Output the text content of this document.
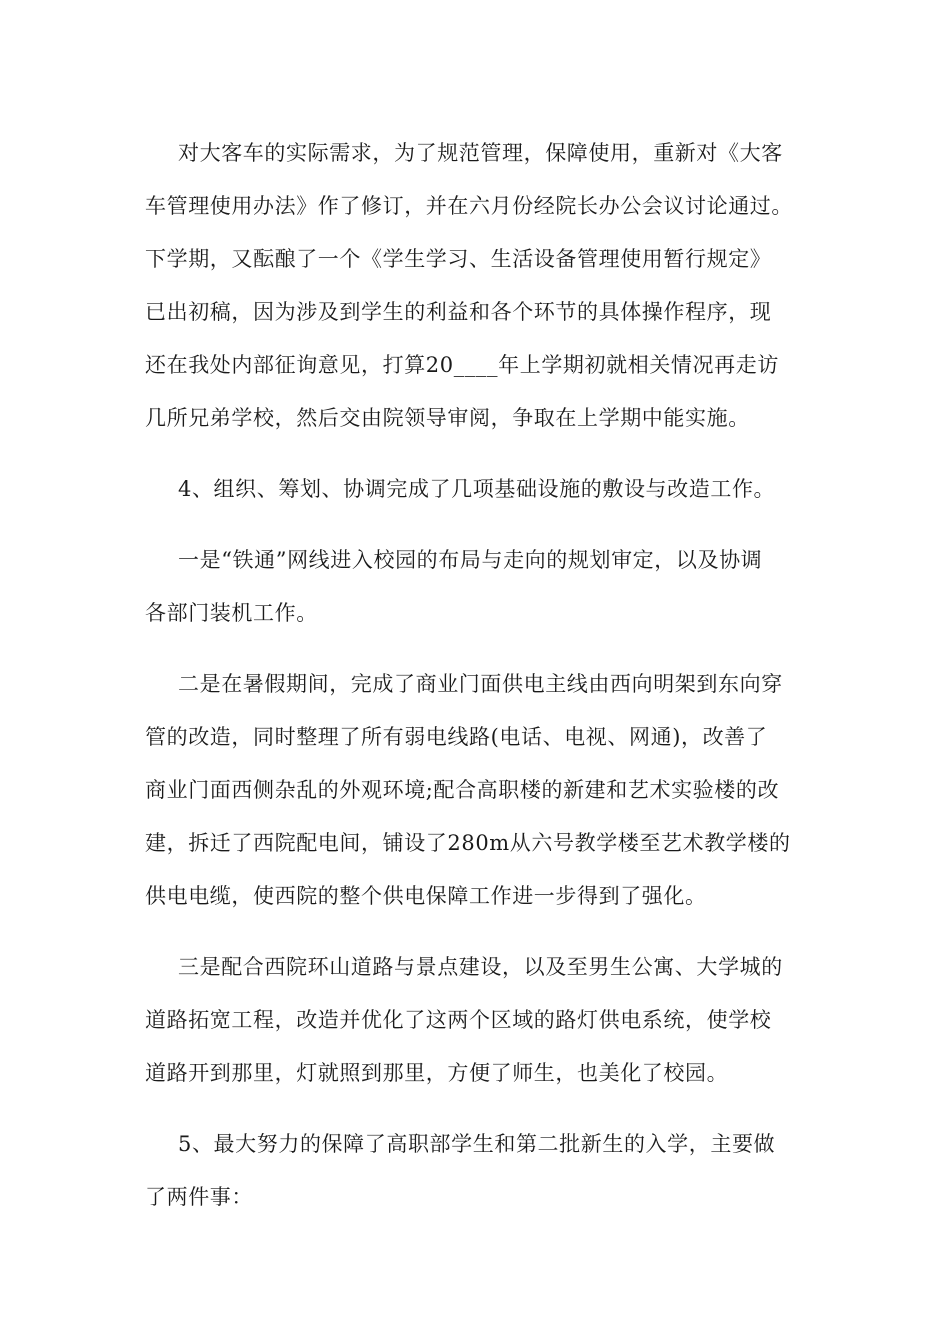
对大客车的实际需求，为了规范管理，保障使用，重新对《大客
车管理使用办法》作了修订，并在六月份经院长办公会议讨论通过。
下学期，又酝酿了一个《学生学习、生活设备管理使用暂行规定》
已出初稿，因为涉及到学生的利益和各个环节的具体操作程序，现
还在我处内部征询意见，打算20____年上学期初就相关情况再走访
几所兄弟学校，然后交由院领导审阅，争取在上学期中能实施。
4、组织、筹划、协调完成了几项基础设施的敷设与改造工作。
一是“铁通”网线进入校园的布局与走向的规划审定，以及协调
各部门装机工作。
二是在暑假期间，完成了商业门面供电主线由西向明架到东向穿
管的改造，同时整理了所有弱电线路(电话、电视、网通)，改善了
商业门面西侧杂乱的外观环境;配合高职楼的新建和艺术实验楼的改
建，拆迁了西院配电间，铺设了280m从六号教学楼至艺术教学楼的
供电电缆，使西院的整个供电保障工作进一步得到了强化。
三是配合西院环山道路与景点建设，以及至男生公寓、大学城的
道路拓宽工程，改造并优化了这两个区域的路灯供电系统，使学校
道路开到那里，灯就照到那里，方便了师生，也美化了校园。
5、最大努力的保障了高职部学生和第二批新生的入学，主要做
了两件事：
